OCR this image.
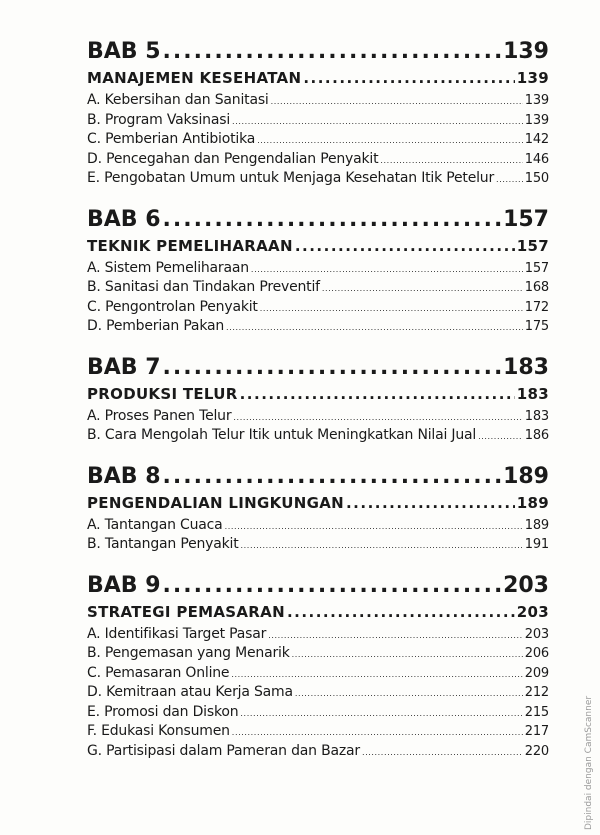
BAB 5 .....	139
MANAJEMEN KESEHATAN .....	139
A. Kebersihan dan Sanitasi .....	139
B. Program Vaksinasi .....	139
C. Pemberian Antibiotika .....	142
D. Pencegahan dan Pengendalian Penyakit .....	146
E. Pengobatan Umum untuk Menjaga Kesehatan Itik Petelur ..... 150
BAB 6 .....	157
TEKNIK PEMELIHARAAN .....	157
A. Sistem Pemeliharaan .....	157
B. Sanitasi dan Tindakan Preventif .....	168
C. Pengontrolan Penyakit .....	172
D. Pemberian Pakan .....	175
BAB 7 .....	183
PRODUKSI TELUR .....	183
A. Proses Panen Telur .....	183
B. Cara Mengolah Telur Itik untuk Meningkatkan Nilai Jual .....	186
BAB 8 .....	189
PENGENDALIAN LINGKUNGAN .....	189
A. Tantangan Cuaca .....	189
B. Tantangan Penyakit .....	191
BAB 9 .....	203
STRATEGI PEMASARAN .....	203
A. Identifikasi Target Pasar .....	203
B. Pengemasan yang Menarik .....	206
C. Pemasaran Online .....	209
D. Kemitraan atau Kerja Sama .....	212
E. Promosi dan Diskon .....	215
F. Edukasi Konsumen .....	217
G. Partisipasi dalam Pameran dan Bazar .....	220	Dipindai dengan CamScanner
